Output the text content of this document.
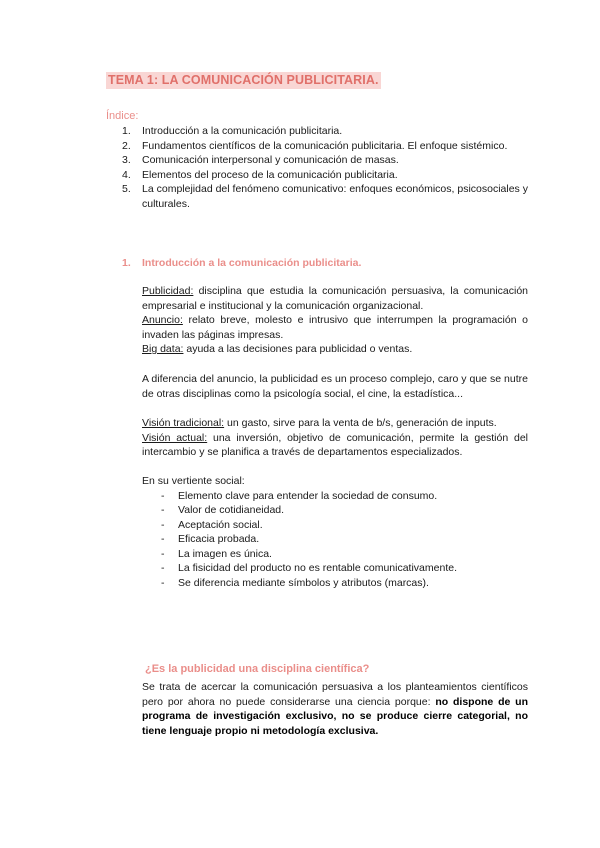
TEMA 1: LA COMUNICACIÓN PUBLICITARIA.
Índice:
1. Introducción a la comunicación publicitaria.
2. Fundamentos científicos de la comunicación publicitaria. El enfoque sistémico.
3. Comunicación interpersonal y comunicación de masas.
4. Elementos del proceso de la comunicación publicitaria.
5. La complejidad del fenómeno comunicativo: enfoques económicos, psicosociales y culturales.
1. Introducción a la comunicación publicitaria.

Publicidad: disciplina que estudia la comunicación persuasiva, la comunicación empresarial e institucional y la comunicación organizacional.

Anuncio: relato breve, molesto e intrusivo que interrumpen la programación o invaden las páginas impresas.

Big data: ayuda a las decisiones para publicidad o ventas.

A diferencia del anuncio, la publicidad es un proceso complejo, caro y que se nutre de otras disciplinas como la psicología social, el cine, la estadística...

Visión tradicional: un gasto, sirve para la venta de b/s, generación de inputs.

Visión actual: una inversión, objetivo de comunicación, permite la gestión del intercambio y se planifica a través de departamentos especializados.

En su vertiente social:

- Elemento clave para entender la sociedad de consumo.
- Valor de cotidianeidad.
- Aceptación social.
- Eficacia probada.
- La imagen es única.
- La fisicidad del producto no es rentable comunicativamente.
- Se diferencia mediante símbolos y atributos (marcas).
¿Es la publicidad una disciplina científica?

Se trata de acercar la comunicación persuasiva a los planteamientos científicos pero por ahora no puede considerarse una ciencia porque: no dispone de un programa de investigación exclusivo, no se produce cierre categorial, no tiene lenguaje propio ni metodología exclusiva.
